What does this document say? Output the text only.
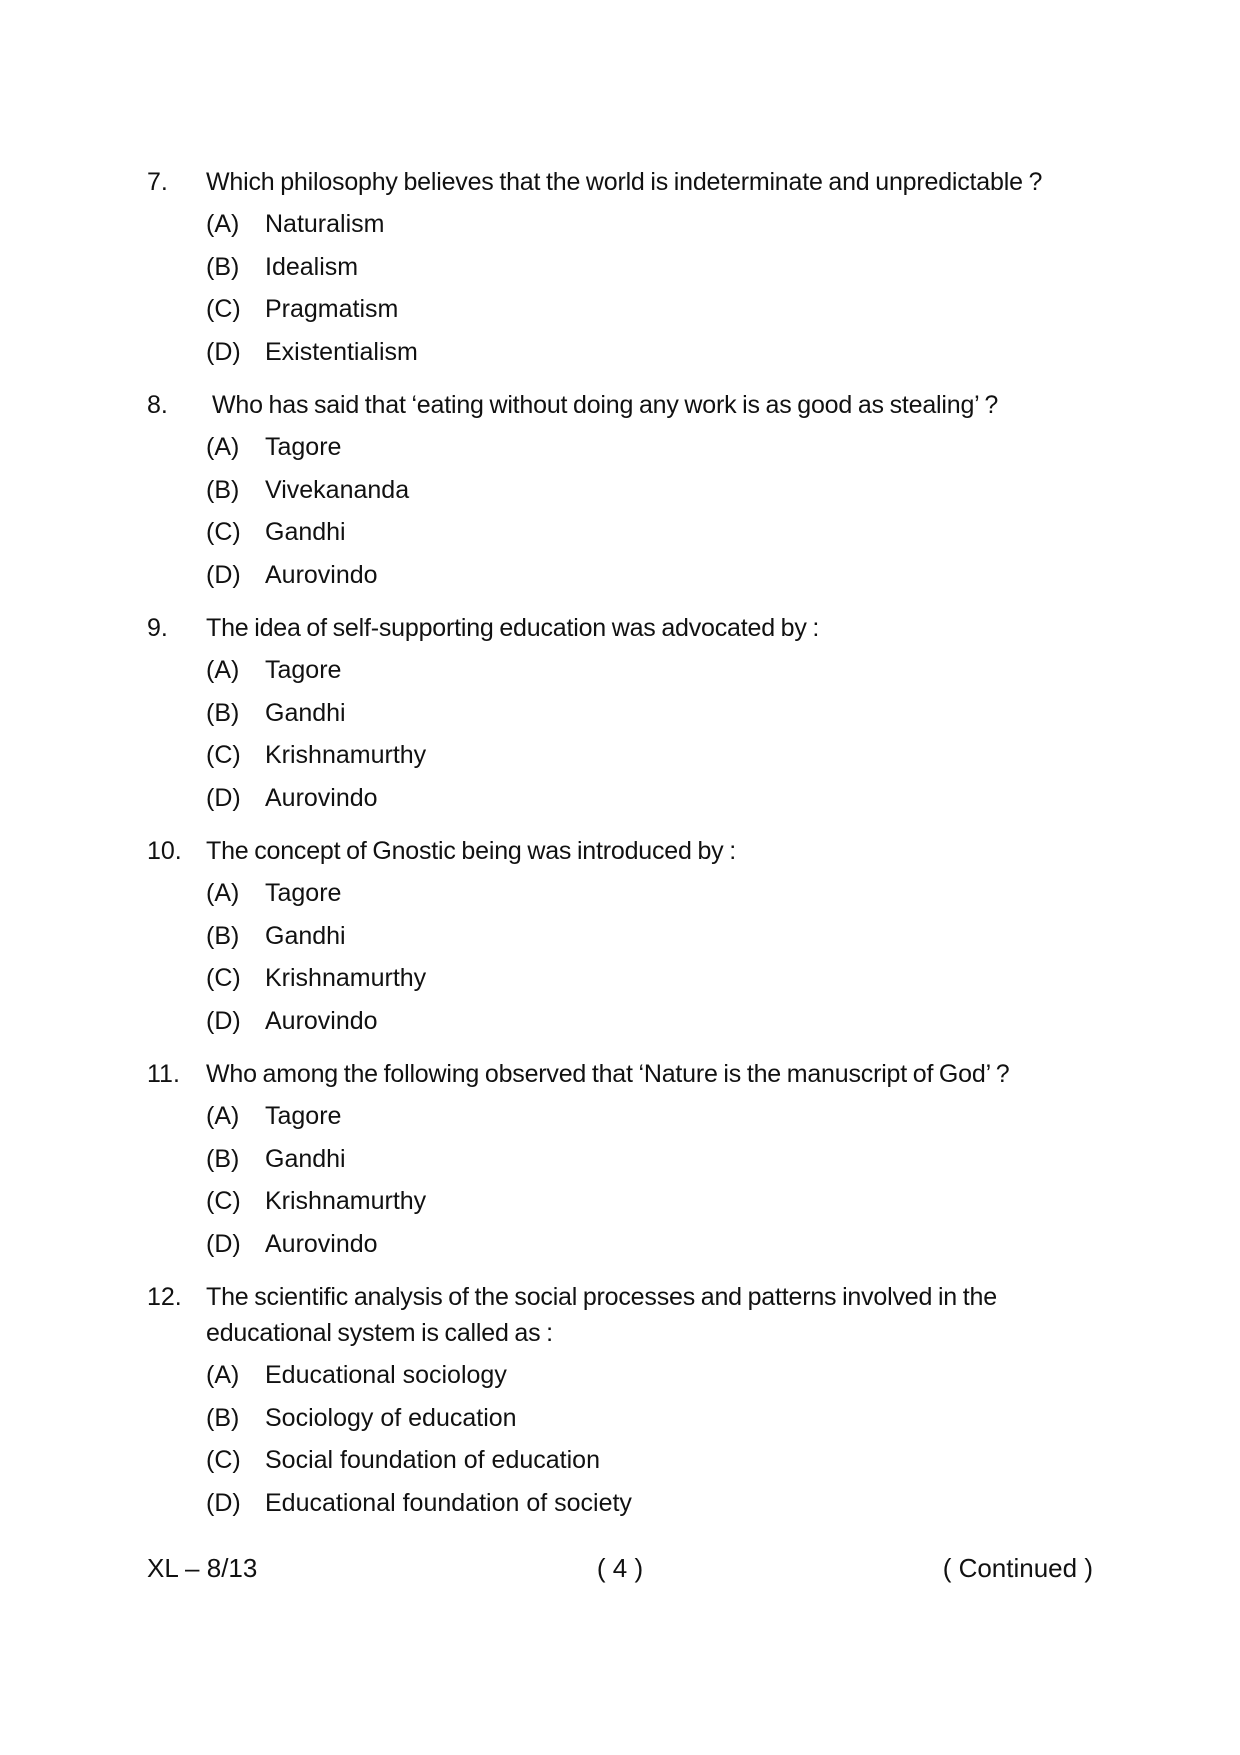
7. Which philosophy believes that the world is indeterminate and unpredictable ?
(A) Naturalism
(B) Idealism
(C) Pragmatism
(D) Existentialism
8. Who has said that ‘eating without doing any work is as good as stealing’ ?
(A) Tagore
(B) Vivekananda
(C) Gandhi
(D) Aurovindo
9. The idea of self-supporting education was advocated by :
(A) Tagore
(B) Gandhi
(C) Krishnamurthy
(D) Aurovindo
10. The concept of Gnostic being was introduced by :
(A) Tagore
(B) Gandhi
(C) Krishnamurthy
(D) Aurovindo
11. Who among the following observed that ‘Nature is the manuscript of God’ ?
(A) Tagore
(B) Gandhi
(C) Krishnamurthy
(D) Aurovindo
12. The scientific analysis of the social processes and patterns involved in the educational system is called as :
(A) Educational sociology
(B) Sociology of education
(C) Social foundation of education
(D) Educational foundation of society
XL – 8/13	( 4 )	( Continued )
